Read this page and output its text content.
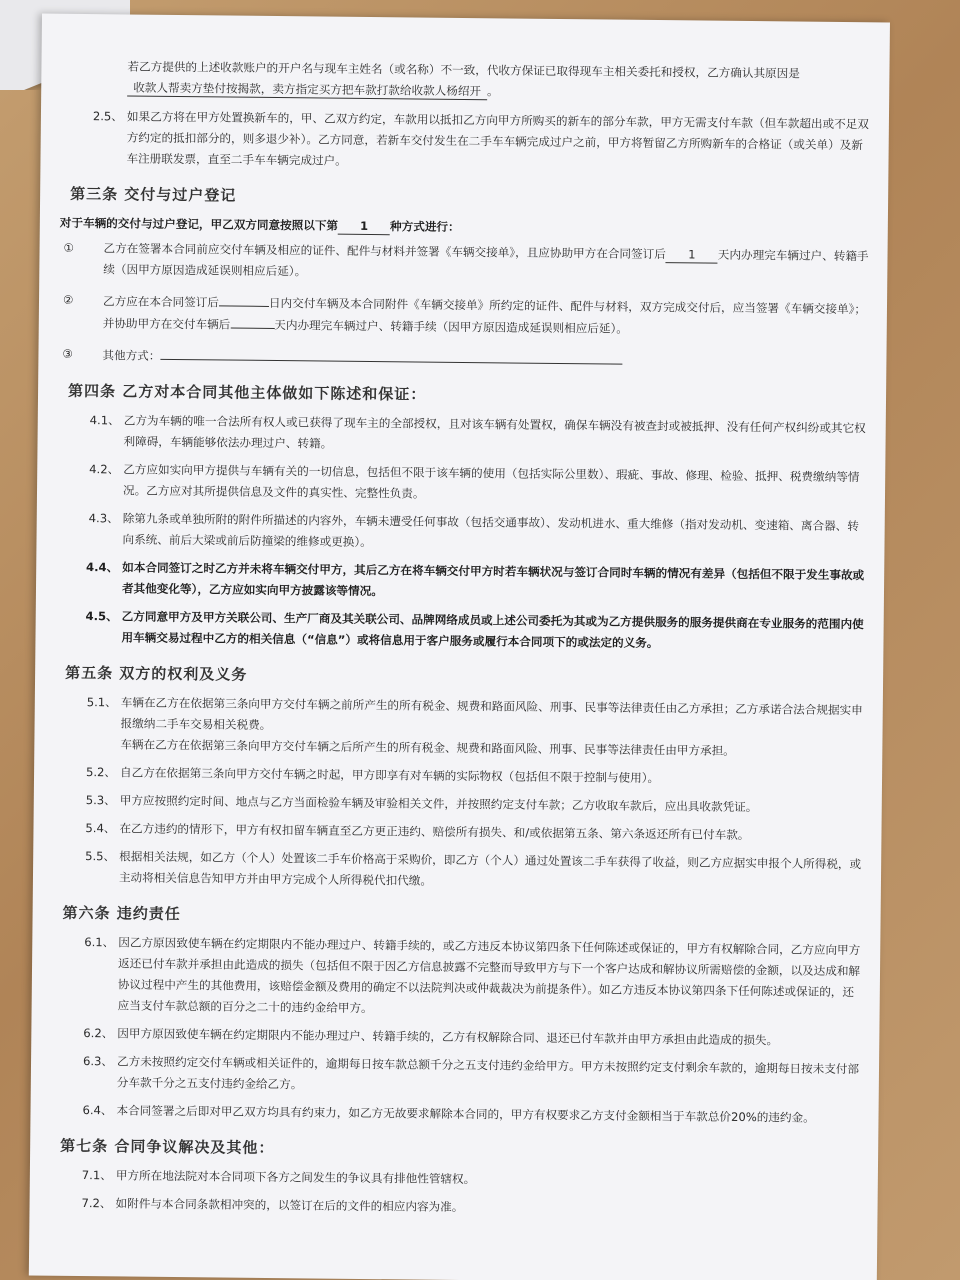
若乙方提供的上述收款账户的开户名与现车主姓名（或名称）不一致，代收方保证已取得现车主相关委托和授权，乙方确认其原因是收款人帮卖方垫付按揭款，卖方指定买方把车款打款给收款人杨绍开 。

2.5、 如果乙方将在甲方处置换新车的，甲、乙双方约定，车款用以抵扣乙方向甲方所购买的新车的部分车款，甲方无需支付车款（但车款超出或不足双方约定的抵扣部分的，则多退少补）。乙方同意，若新车交付发生在二手车车辆完成过户之前，甲方将暂留乙方所购新车的合格证（或关单）及新车注册联发票，直至二手车车辆完成过户。
第三条 交付与过户登记

对于车辆的交付与过户登记，甲乙双方同意按照以下第 1 种方式进行：

①	乙方在签署本合同前应交付车辆及相应的证件、配件与材料并签署《车辆交接单》，且应协助甲方在合同签订后 1 天内办理完车辆过户、转籍手续（因甲方原因造成延误则相应后延）。
②	乙方应在本合同签订后	日内交付车辆及本合同附件《车辆交接单》所约定的证件、配件与材料，双方完成交付后，应当签署《车辆交接单》；并协助甲方在交付车辆后	天内办理完车辆过户、转籍手续（因甲方原因造成延误则相应后延）。
③	其他方式：
第四条 乙方对本合同其他主体做如下陈述和保证：
4.1、 乙方为车辆的唯一合法所有权人或已获得了现车主的全部授权，且对该车辆有处置权，确保车辆没有被查封或被抵押、没有任何产权纠纷或其它权利障碍，车辆能够依法办理过户、转籍。
4.2、 乙方应如实向甲方提供与车辆有关的一切信息，包括但不限于该车辆的使用（包括实际公里数）、瑕疵、事故、修理、检验、抵押、税费缴纳等情况。乙方应对其所提供信息及文件的真实性、完整性负责。
4.3、 除第九条或单独所附的附件所描述的内容外，车辆未遭受任何事故（包括交通事故）、发动机进水、重大维修（指对发动机、变速箱、离合器、转向系统、前后大梁或前后防撞梁的维修或更换）。
4.4、 如本合同签订之时乙方并未将车辆交付甲方，其后乙方在将车辆交付甲方时若车辆状况与签订合同时车辆的情况有差异（包括但不限于发生事故或者其他变化等），乙方应如实向甲方披露该等情况。
4.5、 乙方同意甲方及甲方关联公司、生产厂商及其关联公司、品牌网络成员或上述公司委托为其或为乙方提供服务的服务提供商在专业服务的范围内使用车辆交易过程中乙方的相关信息（“信息”）或将信息用于客户服务或履行本合同项下的或法定的义务。
第五条 双方的权利及义务
5.1、 车辆在乙方在依据第三条向甲方交付车辆之前所产生的所有税金、规费和路面风险、刑事、民事等法律责任由乙方承担；乙方承诺合法合规据实申报缴纳二手车交易相关税费。
车辆在乙方在依据第三条向甲方交付车辆之后所产生的所有税金、规费和路面风险、刑事、民事等法律责任由甲方承担。
5.2、 自乙方在依据第三条向甲方交付车辆之时起，甲方即享有对车辆的实际物权（包括但不限于控制与使用）。
5.3、 甲方应按照约定时间、地点与乙方当面检验车辆及审验相关文件，并按照约定支付车款；乙方收取车款后，应出具收款凭证。
5.4、 在乙方违约的情形下，甲方有权扣留车辆直至乙方更正违约、赔偿所有损失、和/或依据第五条、第六条返还所有已付车款。
5.5、 根据相关法规，如乙方（个人）处置该二手车价格高于采购价，即乙方（个人）通过处置该二手车获得了收益，则乙方应据实申报个人所得税，或主动将相关信息告知甲方并由甲方完成个人所得税代扣代缴。
第六条 违约责任
6.1、 因乙方原因致使车辆在约定期限内不能办理过户、转籍手续的，或乙方违反本协议第四条下任何陈述或保证的，甲方有权解除合同，乙方应向甲方返还已付车款并承担由此造成的损失（包括但不限于因乙方信息披露不完整而导致甲方与下一个客户达成和解协议所需赔偿的金额，以及达成和解协议过程中产生的其他费用，该赔偿金额及费用的确定不以法院判决或仲裁裁决为前提条件）。如乙方违反本协议第四条下任何陈述或保证的，还应当支付车款总额的百分之二十的违约金给甲方。
6.2、 因甲方原因致使车辆在约定期限内不能办理过户、转籍手续的，乙方有权解除合同、退还已付车款并由甲方承担由此造成的损失。
6.3、 乙方未按照约定交付车辆或相关证件的，逾期每日按车款总额千分之五支付违约金给甲方。甲方未按照约定支付剩余车款的，逾期每日按未支付部分车款千分之五支付违约金给乙方。
6.4、 本合同签署之后即对甲乙双方均具有约束力，如乙方无故要求解除本合同的，甲方有权要求乙方支付金额相当于车款总价20%的违约金。
第七条 合同争议解决及其他：
7.1、 甲方所在地法院对本合同项下各方之间发生的争议具有排他性管辖权。
7.2、 如附件与本合同条款相冲突的，以签订在后的文件的相应内容为准。
